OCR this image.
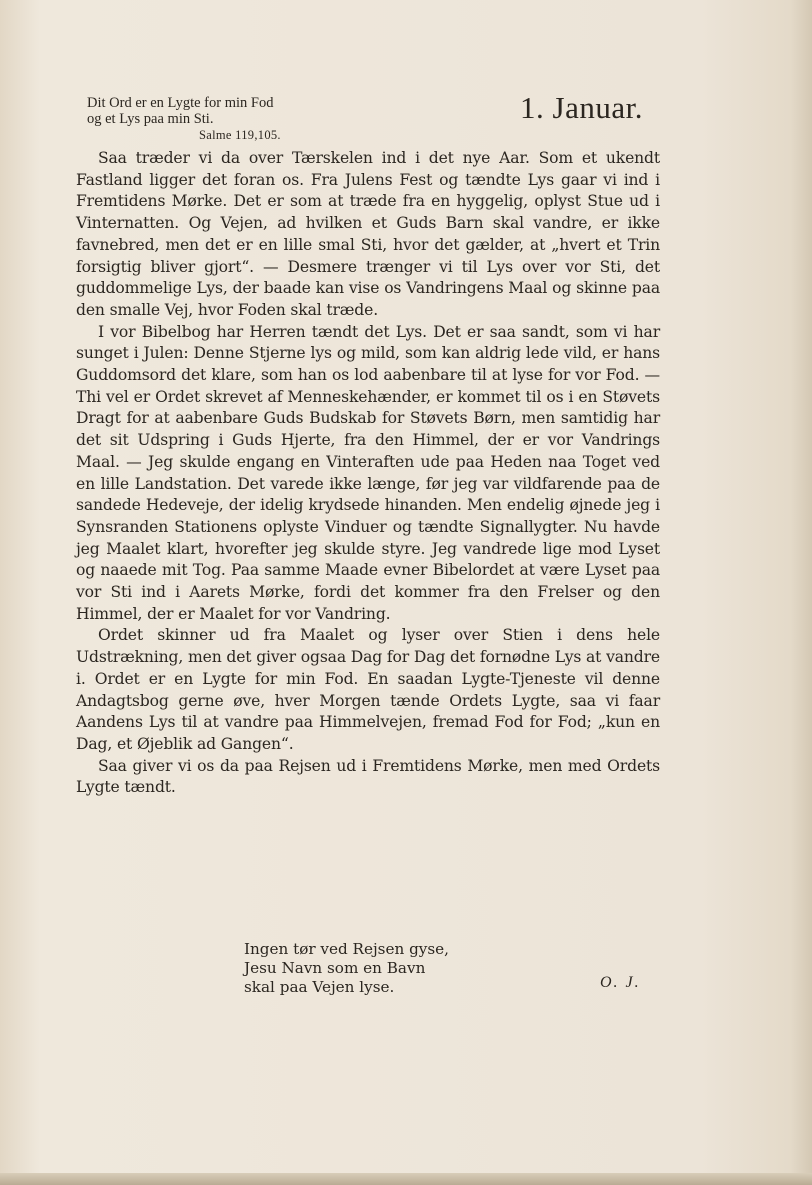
Dit Ord er en Lygte for min Fod
og et Lys paa min Sti.
Salme 119,105.
1. Januar.

Saa træder vi da over Tærskelen ind i det nye Aar. Som et ukendt Fastland ligger det foran os. Fra Julens Fest og tændte Lys gaar vi ind i Fremtidens Mørke. Det er som at træde fra en hyggelig, oplyst Stue ud i Vinternatten. Og Vejen, ad hvilken et Guds Barn skal vandre, er ikke favnebred, men det er en lille smal Sti, hvor det gælder, at „hvert et Trin forsigtig bliver gjort“. — Desmere trænger vi til Lys over vor Sti, det guddommelige Lys, der baade kan vise os Vandringens Maal og skinne paa den smalle Vej, hvor Foden skal træde.

I vor Bibelbog har Herren tændt det Lys. Det er saa sandt, som vi har sunget i Julen: Denne Stjerne lys og mild, som kan aldrig lede vild, er hans Guddomsord det klare, som han os lod aabenbare til at lyse for vor Fod. — Thi vel er Ordet skrevet af Menneskehænder, er kommet til os i en Støvets Dragt for at aabenbare Guds Budskab for Støvets Børn, men samtidig har det sit Udspring i Guds Hjerte, fra den Himmel, der er vor Vandrings Maal. — Jeg skulde engang en Vinteraften ude paa Heden naa Toget ved en lille Landstation. Det varede ikke længe, før jeg var vildfarende paa de sandede Hedeveje, der idelig krydsede hinanden. Men endelig øjnede jeg i Synsranden Stationens oplyste Vinduer og tændte Signallygter. Nu havde jeg Maalet klart, hvorefter jeg skulde styre. Jeg vandrede lige mod Lyset og naaede mit Tog. Paa samme Maade evner Bibelordet at være Lyset paa vor Sti ind i Aarets Mørke, fordi det kommer fra den Frelser og den Himmel, der er Maalet for vor Vandring.

Ordet skinner ud fra Maalet og lyser over Stien i dens hele Udstrækning, men det giver ogsaa Dag for Dag det fornødne Lys at vandre i. Ordet er en Lygte for min Fod. En saadan Lygte-Tjeneste vil denne Andagtsbog gerne øve, hver Morgen tænde Ordets Lygte, saa vi faar Aandens Lys til at vandre paa Himmelvejen, fremad Fod for Fod; „kun en Dag, et Øjeblik ad Gangen“.

Saa giver vi os da paa Rejsen ud i Fremtidens Mørke, men med Ordets Lygte tændt.

Ingen tør ved Rejsen gyse,
Jesu Navn som en Bavn
skal paa Vejen lyse.	O. J.
